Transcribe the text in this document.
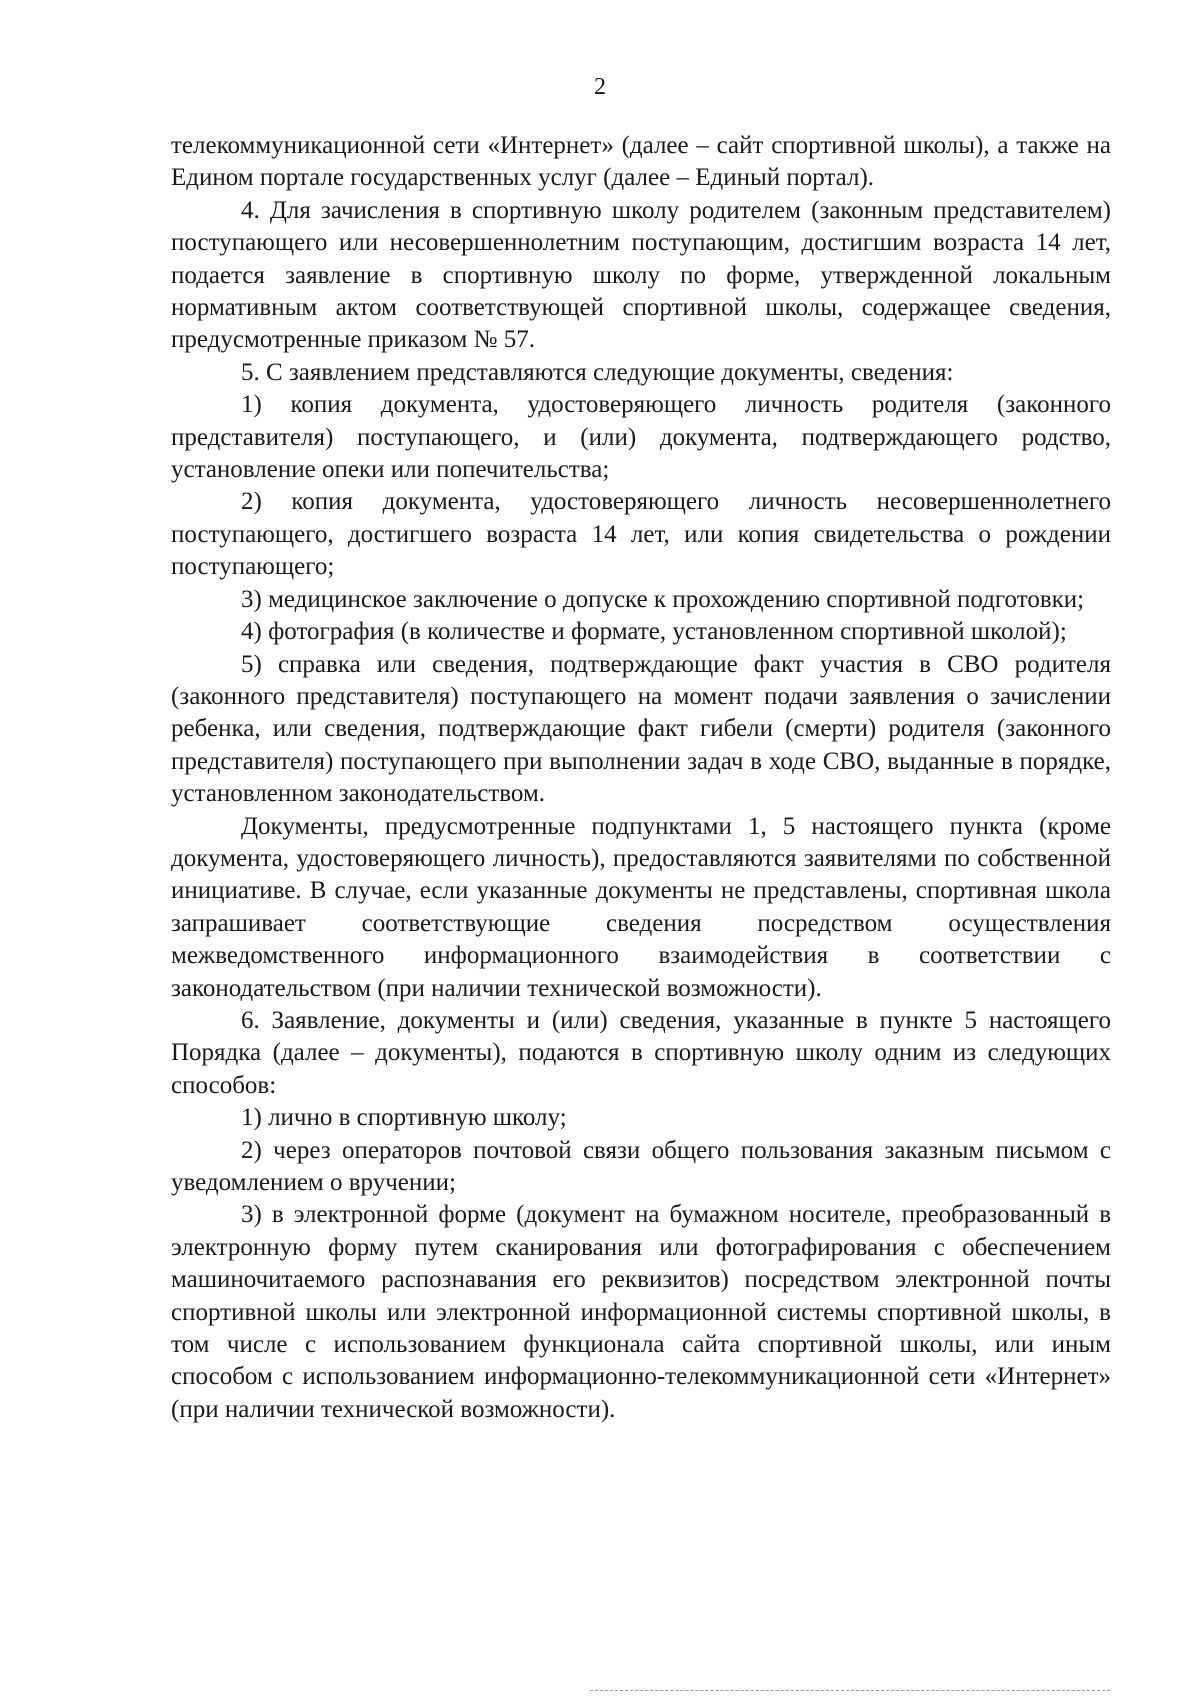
2

телекоммуникационной сети «Интернет» (далее – сайт спортивной школы), а также на Едином портале государственных услуг (далее – Единый портал).

4. Для зачисления в спортивную школу родителем (законным представителем) поступающего или несовершеннолетним поступающим, достигшим возраста 14 лет, подается заявление в спортивную школу по форме, утвержденной локальным нормативным актом соответствующей спортивной школы, содержащее сведения, предусмотренные приказом № 57.

5. С заявлением представляются следующие документы, сведения:

1) копия документа, удостоверяющего личность родителя (законного представителя) поступающего, и (или) документа, подтверждающего родство, установление опеки или попечительства;

2) копия документа, удостоверяющего личность несовершеннолетнего поступающего, достигшего возраста 14 лет, или копия свидетельства о рождении поступающего;

3) медицинское заключение о допуске к прохождению спортивной подготовки;

4) фотография (в количестве и формате, установленном спортивной школой);

5) справка или сведения, подтверждающие факт участия в СВО родителя (законного представителя) поступающего на момент подачи заявления о зачислении ребенка, или сведения, подтверждающие факт гибели (смерти) родителя (законного представителя) поступающего при выполнении задач в ходе СВО, выданные в порядке, установленном законодательством.

Документы, предусмотренные подпунктами 1, 5 настоящего пункта (кроме документа, удостоверяющего личность), предоставляются заявителями по собственной инициативе. В случае, если указанные документы не представлены, спортивная школа запрашивает соответствующие сведения посредством осуществления межведомственного информационного взаимодействия в соответствии с законодательством (при наличии технической возможности).

6. Заявление, документы и (или) сведения, указанные в пункте 5 настоящего Порядка (далее – документы), подаются в спортивную школу одним из следующих способов:

1) лично в спортивную школу;

2) через операторов почтовой связи общего пользования заказным письмом с уведомлением о вручении;

3) в электронной форме (документ на бумажном носителе, преобразованный в электронную форму путем сканирования или фотографирования с обеспечением машиночитаемого распознавания его реквизитов) посредством электронной почты спортивной школы или электронной информационной системы спортивной школы, в том числе с использованием функционала сайта спортивной школы, или иным способом с использованием информационно-телекоммуникационной сети «Интернет» (при наличии технической возможности).
